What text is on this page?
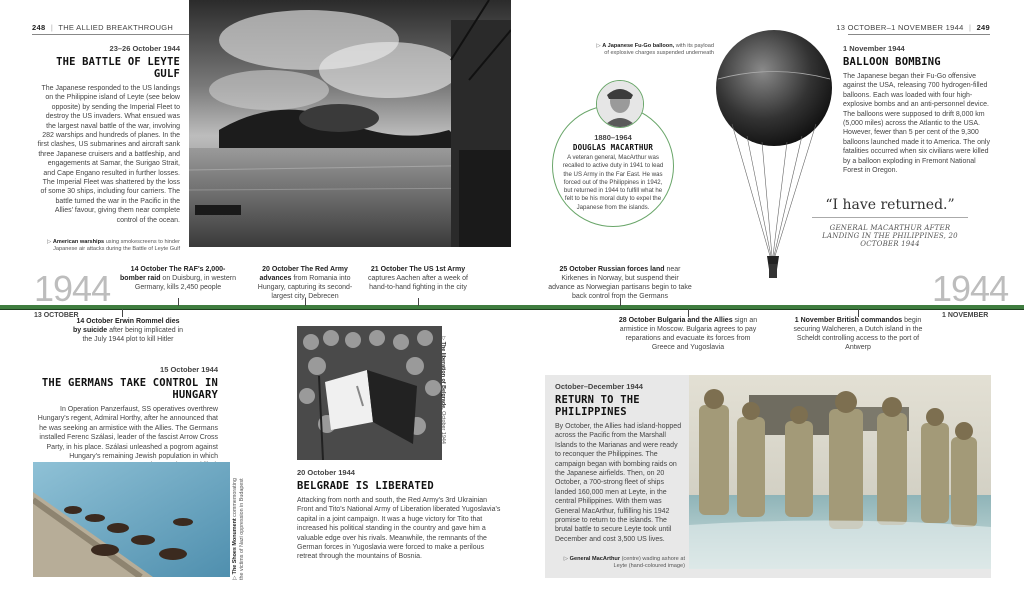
248 | THE ALLIED BREAKTHROUGH	13 OCTOBER–1 NOVEMBER 1944 | 249
23–26 October 1944
THE BATTLE OF LEYTE GULF
The Japanese responded to the US landings on the Philippine island of Leyte (see below opposite) by sending the Imperial Fleet to destroy the US invaders. What ensued was the largest naval battle of the war, involving 282 warships and hundreds of planes. In the first clashes, US submarines and aircraft sank three Japanese cruisers and a battleship, and engagements at Samar, the Surigao Strait, and Cape Engano resulted in further losses. The Imperial Fleet was shattered by the loss of some 30 ships, including four carriers. The battle turned the war in the Pacific in the Allies' favour, giving them near complete control of the ocean.
▷ American warships using smokescreens to hinder Japanese air attacks during the Battle of Leyte Gulf
1880–1964
DOUGLAS MACARTHUR
A veteran general, MacArthur was recalled to active duty in 1941 to lead the US Army in the Far East. He was forced out of the Philippines in 1942, but returned in 1944 to fulfill what he felt to be his moral duty to expel the Japanese from the islands.
▷ A Japanese Fu-Go balloon, with its payload of explosive charges suspended underneath	1 November 1944
BALLOON BOMBING
The Japanese began their Fu-Go offensive against the USA, releasing 700 hydrogen-filled balloons. Each was loaded with four high-explosive bombs and an anti-personnel device. The balloons were supposed to drift 8,000 km (5,000 miles) across the Atlantic to the USA. However, fewer than 5 per cent of the 9,300 balloons launched made it to America. The only fatalities occurred when six civilians were killed by a balloon exploding in Fremont National Forest in Oregon.
“I have returned.”
GENERAL MACARTHUR AFTER LANDING IN THE PHILIPPINES, 20 OCTOBER 1944
1944
13 OCTOBER
1944
1 NOVEMBER
14 October The RAF's 2,000-bomber raid on Duisburg, in western Germany, kills 2,450 people
20 October The Red Army advances from Romania into Hungary, capturing its second-largest city, Debrecen
21 October The US 1st Army captures Aachen after a week of hand-to-hand fighting in the city
25 October Russian forces land near Kirkenes in Norway, but suspend their advance as Norwegian partisans begin to take back control from the Germans
14 October Erwin Rommel dies by suicide after being implicated in the July 1944 plot to kill Hitler
28 October Bulgaria and the Allies sign an armistice in Moscow. Bulgaria agrees to pay reparations and evacuate its forces from Greece and Yugoslavia
1 November British commandos begin securing Walcheren, a Dutch island in the Scheldt controlling access to the port of Antwerp
15 October 1944
THE GERMANS TAKE CONTROL IN HUNGARY
In Operation Panzerfaust, SS operatives overthrew Hungary's regent, Admiral Horthy, after he announced that he was seeking an armistice with the Allies. The Germans installed Ferenc Szálasi, leader of the fascist Arrow Cross Party, in his place. Szálasi unleashed a pogrom against Hungary's remaining Jewish population in which
▷ The Shoes Monument commemorating the victims of Nazi oppression in Budapest
▷ The liberation of Belgrade, October 1944
20 October 1944
BELGRADE IS LIBERATED
Attacking from north and south, the Red Army's 3rd Ukrainian Front and Tito's National Army of Liberation liberated Yugoslavia's capital in a joint campaign. It was a huge victory for Tito that increased his political standing in the country and gave him a valuable edge over his rivals. Meanwhile, the remnants of the German forces in Yugoslavia were forced to make a perilous retreat through the mountains of Bosnia.
October–December 1944
RETURN TO THE PHILIPPINES
By October, the Allies had island-hopped across the Pacific from the Marshall Islands to the Marianas and were ready to reconquer the Philippines. The campaign began with bombing raids on the Japanese airfields. Then, on 20 October, a 700-strong fleet of ships landed 160,000 men at Leyte, in the central Philippines. With them was General MacArthur, fulfilling his 1942 promise to return to the islands. The brutal battle to secure Leyte took until December and cost 3,500 US lives.
▷ General MacArthur (centre) wading ashore at Leyte (hand-coloured image)
